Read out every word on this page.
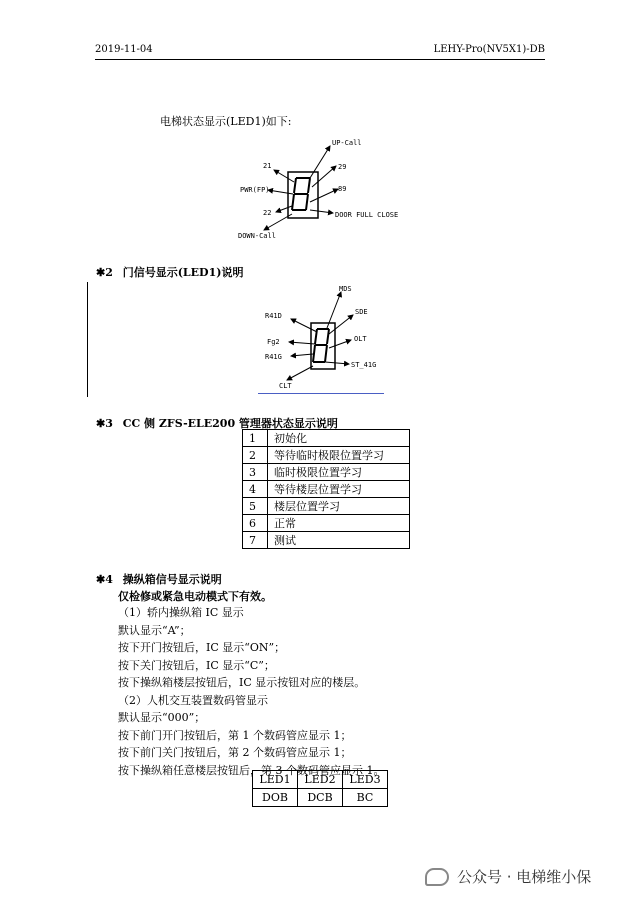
2019-11-04	LEHY-Pro(NV5X1)-DB
电梯状态显示(LED1)如下:
UP-Call
21	29
PWR(FP)	89
22	DOOR FULL CLOSE
DOWN-Call
✱2 门信号显示(LED1)说明
MDS
R41D	SDE
Fg2	OLT
R41G
ST_41G
CLT
✱3 CC 侧 ZFS-ELE200 管理器状态显示说明
1	初始化
2	等待临时极限位置学习
3	临时极限位置学习
4	等待楼层位置学习
5	楼层位置学习
6	正常
7	测试
✱4 操纵箱信号显示说明
仅检修或紧急电动模式下有效。
（1）轿内操纵箱 IC 显示
默认显示“A”；
按下开门按钮后，IC 显示“ON”；
按下关门按钮后，IC 显示“C”；
按下操纵箱楼层按钮后，IC 显示按钮对应的楼层。
（2）人机交互装置数码管显示
默认显示“000”；
按下前门开门按钮后，第 1 个数码管应显示 1；
按下前门关门按钮后，第 2 个数码管应显示 1；
按下操纵箱任意楼层按钮后，第 3 个数码管应显示 1。
LED1	LED2	LED3
DOB	DCB	BC
公众号 · 电梯维小保
